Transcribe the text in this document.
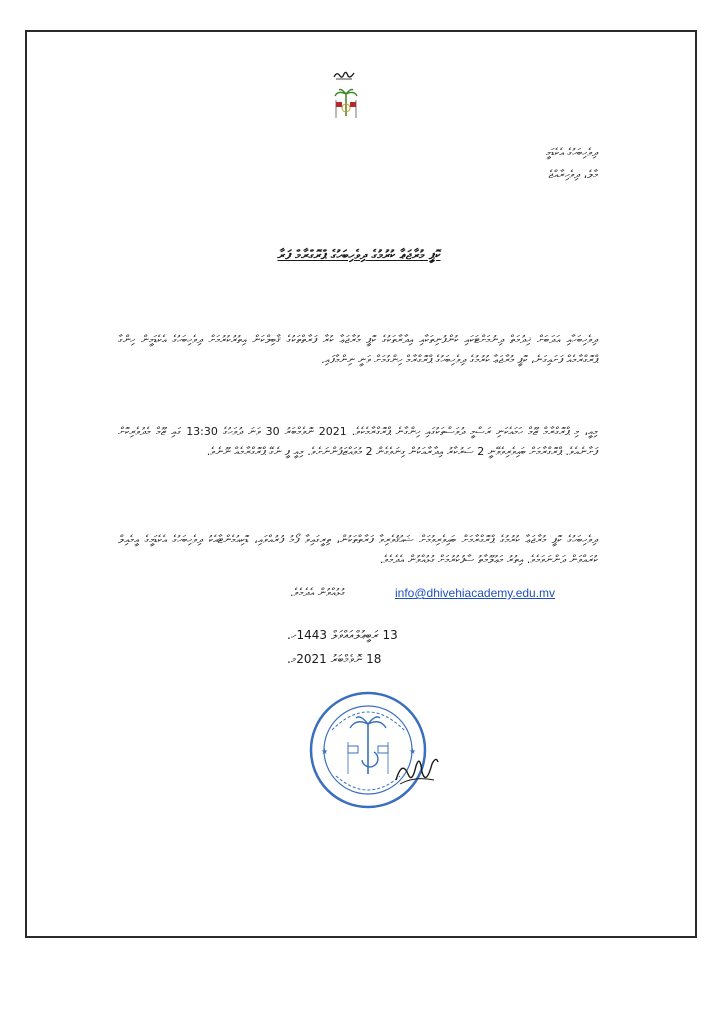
ދިވެހިބަހުގެ އެކެޑަމީ
މާލެ، ދިވެހިރާއްޖެ
ކޮޕީ މުރާޖަޢާ ކުރުމުގެ ދިވެހިބަހުގެ ޕްރޮގްރާމް ފަރާ
ދިވެހިބަހާއި އަދަބަށް ޚިދުމަތް ދިނުމަށްޓަކައި ކުންފުނިތަކާއި އިދާރާތަކުގެ ކޮޕީ މުރާޖަޢާ ކުރާ ފަރާތްތަކުގެ ޤާބިލްކަން އިތުރުކުރުމަށް ދިވެހިބަހުގެ އެކެޑަމީން ހިންގާ ޕްރޮގްރާމެއް ފަށައިގަނެ، ކޮޕީ މުރާޖަޢާ ކުރުމުގެ ދިވެހިބަހުގެ ޕްރޮގްރާމް ހިންގުމަށް ވަނީ ނިންމާފައި.
މިއީ، މި ޕްރޮގްރާމް ޒޫމް ހަމައެކަނި ރަސްމީ ދުވަސްތަކުގައި ހިންގާނެ ޕްރޮގްރާމެކެވެ. 2021 ނޮވެމްބަރު 30 ވަނަ ދުވަހުގެ 13:30 ގައި ޒޫމް މެދުވެރިކޮށް ފަށާނެއެވެ. ޕްރޮގްރާމަށް ބައިވެރިވެވޭނީ 2 ސަރުކާރު އިދާރާއަކުން ގިނަވެގެން 2 މުވައްޒަފުންނަށެވެ. މިއީ ފީ ނެގޭ ޕްރޮގްރާމެއް ނޫނެވެ.
ދިވެހިބަހުގެ ކޮޕީ މުރާޖަޢާ ކުރުމުގެ ޕްރޮގްރާމަށް ބައިވެރިވުމަށް ޝައުޤުވެރިވާ ފަރާތްތަކުން، ތިރީގައިވާ ފޯމު ފުރުއްވައި، ޑޮކިއުމެންޓާއެކު ދިވެހިބަހުގެ އެކެޑަމީގެ އީމެއިލް ކުރައްވަން ދަންނަވަމެވެ. އިތުރު މަޢުލޫމާތު ސާފުކުރުމަށް ގުޅުއްވުން އެދެމެވެ.
info@dhivehiacademy.edu.mv
ގުޅުއްވުން އެދެމެވެ.
13 ރަބީޢުލްއައްވަލް 1443ހ.
18 ނޮވެމްބަރު 2021މ.
★	★
